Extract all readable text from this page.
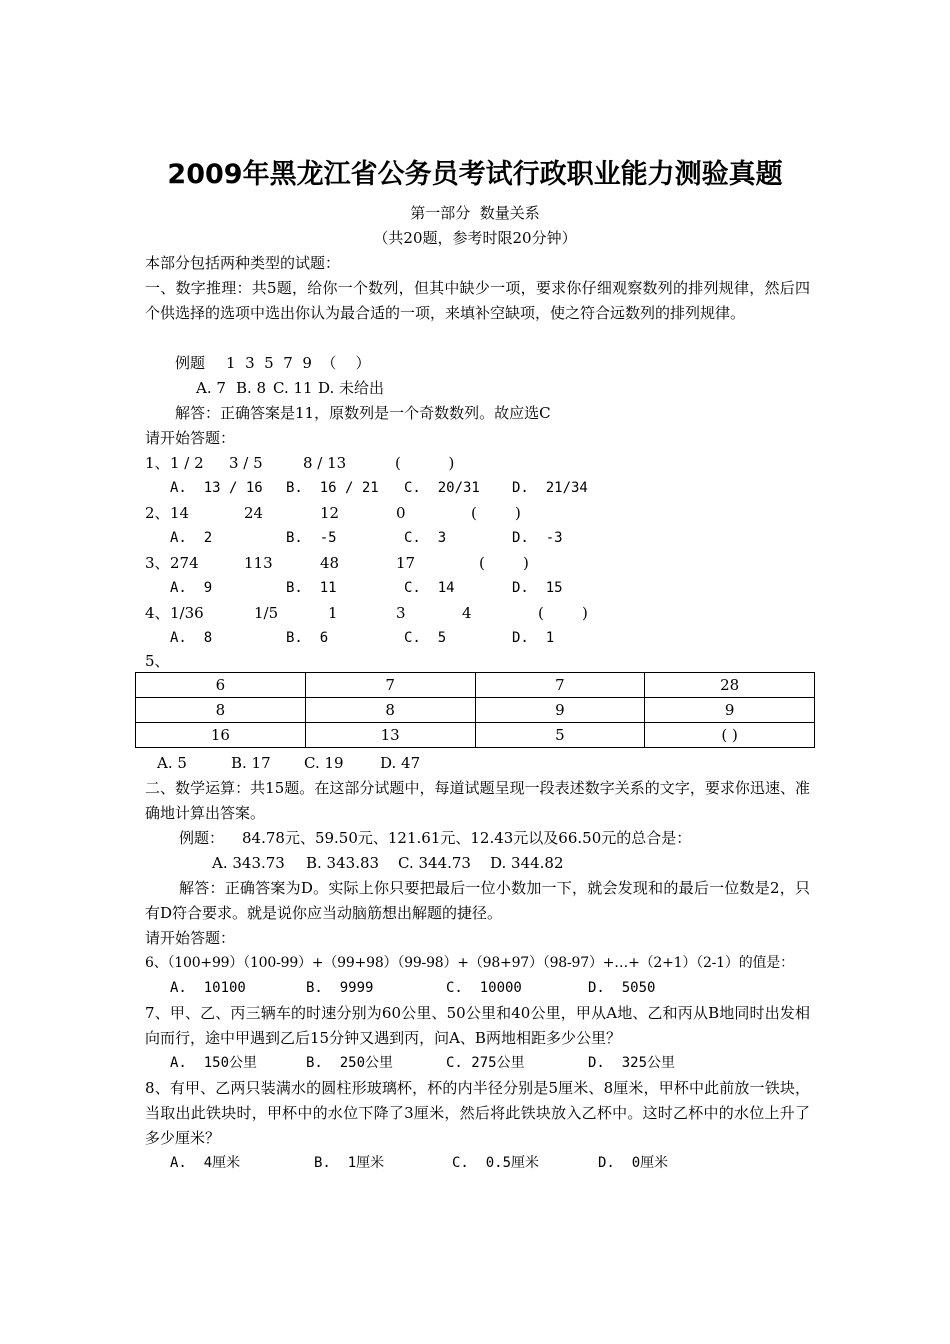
2009年黑龙江省公务员考试行政职业能力测验真题
第一部分  数量关系
（共20题，参考时限20分钟）
本部分包括两种类型的试题：
一、数字推理：共5题，给你一个数列，但其中缺少一项，要求你仔细观察数列的排列规律，然后四个供选择的选项中选出你认为最合适的一项，来填补空缺项，使之符合远数列的排列规律。
例题 1  3  5  7  9  （    ）
A. 7 B. 8 C. 11 D. 未给出
解答：正确答案是11，原数列是一个奇数数列。故应选C
请开始答题：
1、 1 / 2 3 / 5	8 / 13	(          )
A.  13 / 16 B.  16 / 21 C.  20/31 D.  21/34
2、 14	24	12	0	(        )
A.  2	B.  -5	C.  3	D.  -3
3、 274	113	48	17	(        )
A.  9	B.  11	C.  14	D.  15
4、 1/36	1/5	1	3	4	(        )
A.  8	B.  6	C.  5	D.  1
5、
6	7	7	28
8	8	9	9
16	13	5	( )
A. 5	B. 17 C. 19 D. 47
二、数学运算：共15题。在这部分试题中，每道试题呈现一段表述数字关系的文字，要求你迅速、准确地计算出答案。
例题： 84.78元、59.50元、121.61元、12.43元以及66.50元的总合是：
A. 343.73 B. 343.83 C. 344.73 D. 344.82
解答：正确答案为D。实际上你只要把最后一位小数加一下，就会发现和的最后一位数是2，只有D符合要求。就是说你应当动脑筋想出解题的捷径。
请开始答题：
6、（100+99）（100-99）+（99+98）（99-98）+（98+97）（98-97）+…+（2+1）（2-1）的值是：
A.  10100	B.  9999	C.  10000	D.  5050
7、甲、乙、丙三辆车的时速分别为60公里、50公里和40公里，甲从A地、乙和丙从B地同时出发相向而行，途中甲遇到乙后15分钟又遇到丙，问A、B两地相距多少公里？
A.  150公里	B.  250公里	C. 275公里	D.  325公里
8、有甲、乙两只装满水的圆柱形玻璃杯，杯的内半径分别是5厘米、8厘米，甲杯中此前放一铁块，当取出此铁块时，甲杯中的水位下降了3厘米，然后将此铁块放入乙杯中。这时乙杯中的水位上升了多少厘米？
A.  4厘米	B.  1厘米	C.  0.5厘米	D.  0厘米
